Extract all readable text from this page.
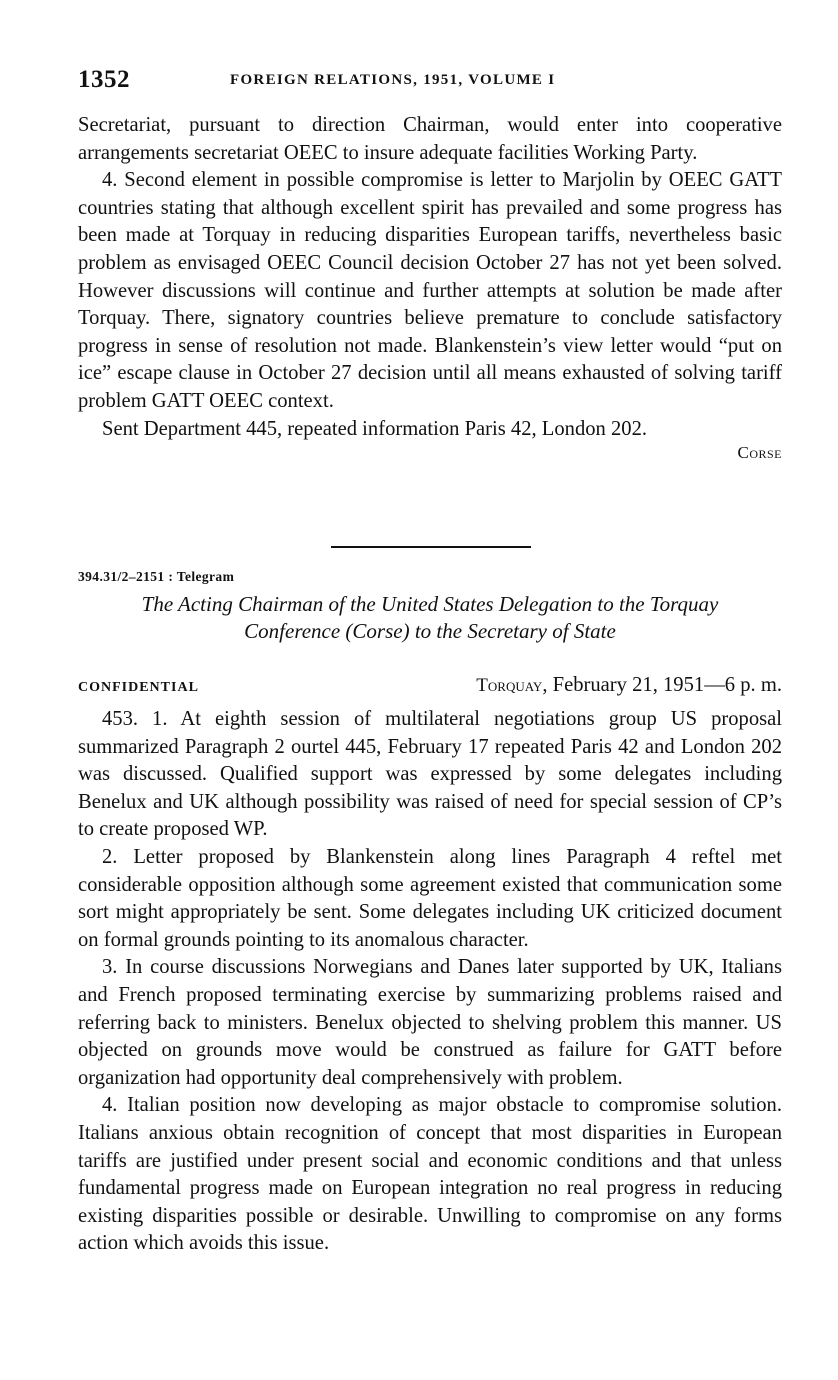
1352	FOREIGN RELATIONS, 1951, VOLUME I

Secretariat, pursuant to direction Chairman, would enter into cooperative arrangements secretariat OEEC to insure adequate facilities Working Party.

4. Second element in possible compromise is letter to Marjolin by OEEC GATT countries stating that although excellent spirit has prevailed and some progress has been made at Torquay in reducing disparities European tariffs, nevertheless basic problem as envisaged OEEC Council decision October 27 has not yet been solved. However discussions will continue and further attempts at solution be made after Torquay. There, signatory countries believe premature to conclude satisfactory progress in sense of resolution not made. Blankenstein’s view letter would “put on ice” escape clause in October 27 decision until all means exhausted of solving tariff problem GATT OEEC context.

Sent Department 445, repeated information Paris 42, London 202.

Corse
394.31/2–2151 : Telegram
The Acting Chairman of the United States Delegation to the Torquay
Conference (Corse) to the Secretary of State
CONFIDENTIAL	Torquay, February 21, 1951—6 p. m.

453. 1. At eighth session of multilateral negotiations group US proposal summarized Paragraph 2 ourtel 445, February 17 repeated Paris 42 and London 202 was discussed. Qualified support was expressed by some delegates including Benelux and UK although possibility was raised of need for special session of CP’s to create proposed WP.

2. Letter proposed by Blankenstein along lines Paragraph 4 reftel met considerable opposition although some agreement existed that communication some sort might appropriately be sent. Some delegates including UK criticized document on formal grounds pointing to its anomalous character.

3. In course discussions Norwegians and Danes later supported by UK, Italians and French proposed terminating exercise by summarizing problems raised and referring back to ministers. Benelux objected to shelving problem this manner. US objected on grounds move would be construed as failure for GATT before organization had opportunity deal comprehensively with problem.

4. Italian position now developing as major obstacle to compromise solution. Italians anxious obtain recognition of concept that most disparities in European tariffs are justified under present social and economic conditions and that unless fundamental progress made on European integration no real progress in reducing existing disparities possible or desirable. Unwilling to compromise on any forms action which avoids this issue.
